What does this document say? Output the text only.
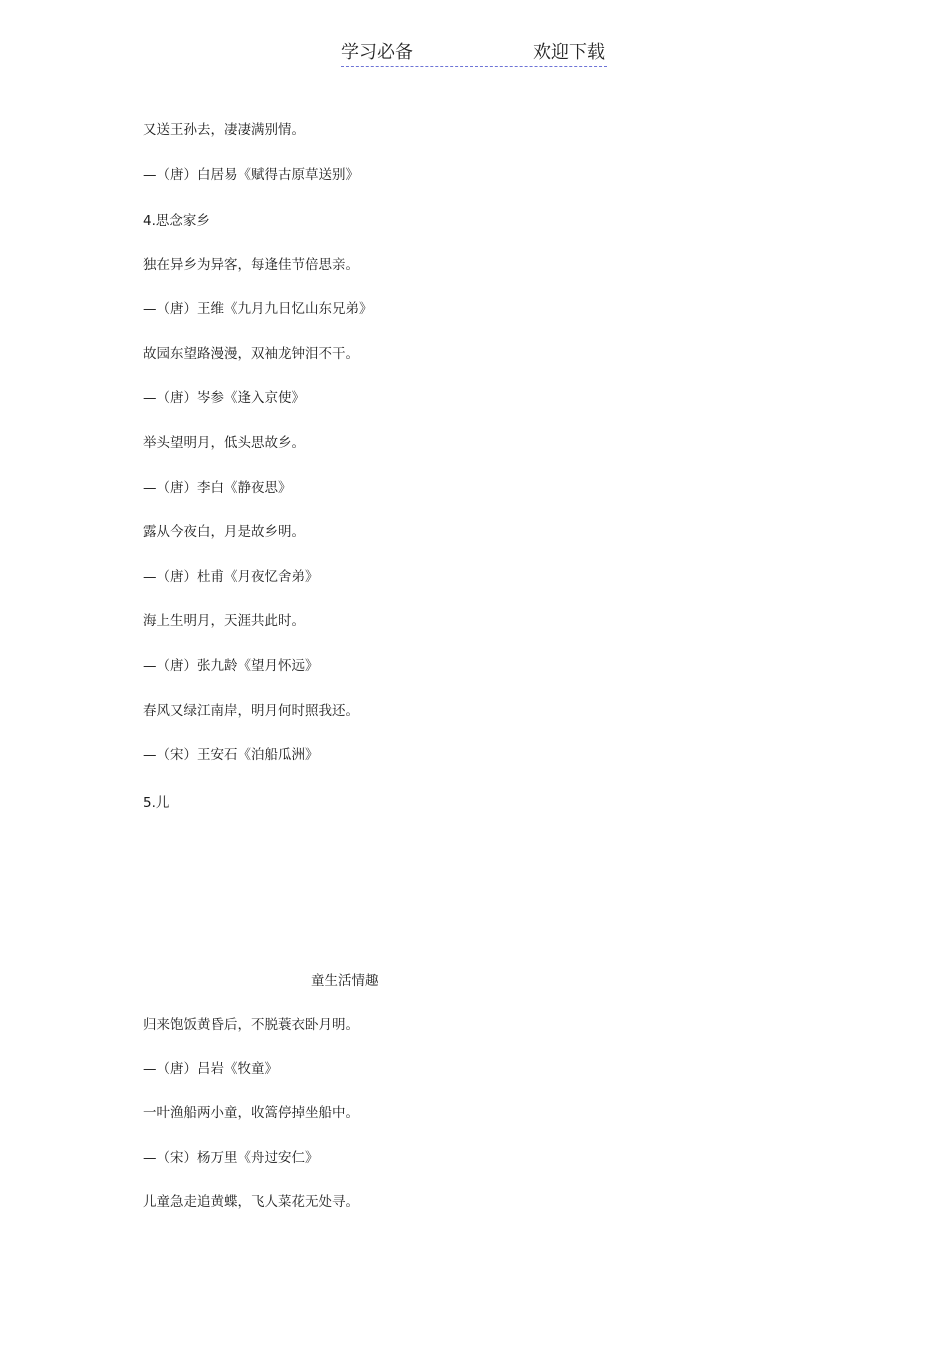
学习必备	欢迎下载
又送王孙去，凄凄满别情。
—（唐）白居易《赋得古原草送别》
4.思念家乡
独在异乡为异客，每逢佳节倍思亲。
—（唐）王维《九月九日忆山东兄弟》
故园东望路漫漫，双袖龙钟泪不干。
—（唐）岑参《逢入京使》
举头望明月，低头思故乡。
—（唐）李白《静夜思》
露从今夜白，月是故乡明。
—（唐）杜甫《月夜忆舍弟》
海上生明月，天涯共此时。
—（唐）张九龄《望月怀远》
春风又绿江南岸，明月何时照我还。
—（宋）王安石《泊船瓜洲》
5.儿
童生活情趣
归来饱饭黄昏后，不脱蓑衣卧月明。
—（唐）吕岩《牧童》
一叶渔船两小童，收篙停掉坐船中。
—（宋）杨万里《舟过安仁》
儿童急走追黄蝶，飞人菜花无处寻。
